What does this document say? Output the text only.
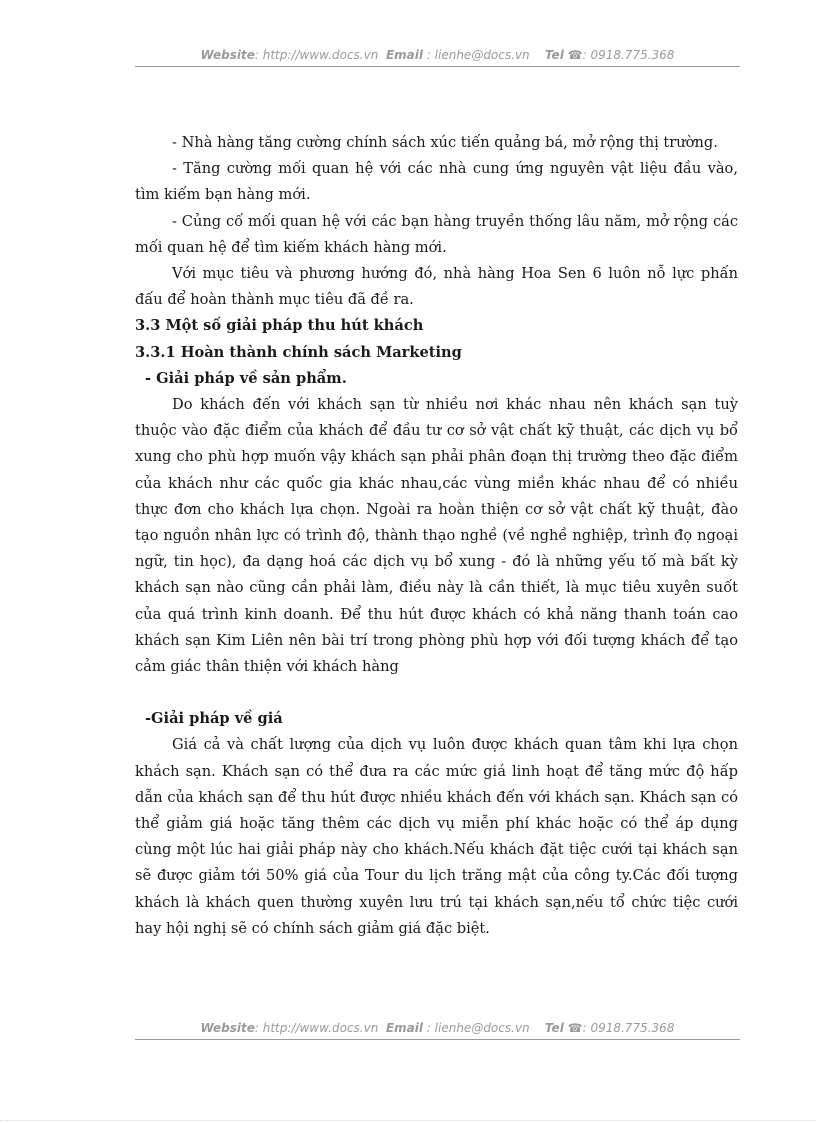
Website: http://www.docs.vn Email : lienhe@docs.vn Tel ☎: 0918.775.368

- Nhà hàng tăng cường chính sách xúc tiến quảng bá, mở rộng thị trường.

- Tăng cường mối quan hệ với các nhà cung ứng nguyên vật liệu đầu vào, tìm kiếm bạn hàng mới.

- Củng cố mối quan hệ với các bạn hàng truyền thống lâu năm, mở rộng các mối quan hệ để tìm kiếm khách hàng mới.

Với mục tiêu và phương hướng đó, nhà hàng Hoa Sen 6 luôn nỗ lực phấn đấu để hoàn thành mục tiêu đã đề ra.

3.3 Một số giải pháp thu hút khách

3.3.1 Hoàn thành chính sách Marketing

- Giải pháp về sản phẩm.

Do khách đến với khách sạn từ nhiều nơi khác nhau nên khách sạn tuỳ thuộc vào đặc điểm của khách để đầu tư cơ sở vật chất kỹ thuật, các dịch vụ bổ xung cho phù hợp muốn vậy khách sạn phải phân đoạn thị trường theo đặc điểm của khách như các quốc gia khác nhau,các vùng miền khác nhau để có nhiều thực đơn cho khách lựa chọn. Ngoài ra hoàn thiện cơ sở vật chất kỹ thuật, đào tạo nguồn nhân lực có trình độ, thành thạo nghề (về nghề nghiệp, trình đọ ngoại ngữ, tin học), đa dạng hoá các dịch vụ bổ xung - đó là những yếu tố mà bất kỳ khách sạn nào cũng cần phải làm, điều này là cần thiết, là mục tiêu xuyên suốt của quá trình kinh doanh. Để thu hút được khách có khả năng thanh toán cao khách sạn Kim Liên nên bài trí trong phòng phù hợp với đối tượng khách để tạo cảm giác thân thiện với khách hàng

-Giải pháp về giá

Giá cả và chất lượng của dịch vụ luôn được khách quan tâm khi lựa chọn khách sạn. Khách sạn có thể đưa ra các mức giá linh hoạt để tăng mức độ hấp dẫn của khách sạn để thu hút được nhiều khách đến với khách sạn. Khách sạn có thể giảm giá hoặc tăng thêm các dịch vụ miễn phí khác hoặc có thể áp dụng cùng một lúc hai giải pháp này cho khách.Nếu khách đặt tiệc cưới tại khách sạn sẽ được giảm tới 50% giá của Tour du lịch trăng mật của công ty.Các đối tượng khách là khách quen thường xuyên lưu trú tại khách sạn,nếu tổ chức tiệc cưới hay hội nghị sẽ có chính sách giảm giá đặc biệt.

Website: http://www.docs.vn Email : lienhe@docs.vn Tel ☎: 0918.775.368
